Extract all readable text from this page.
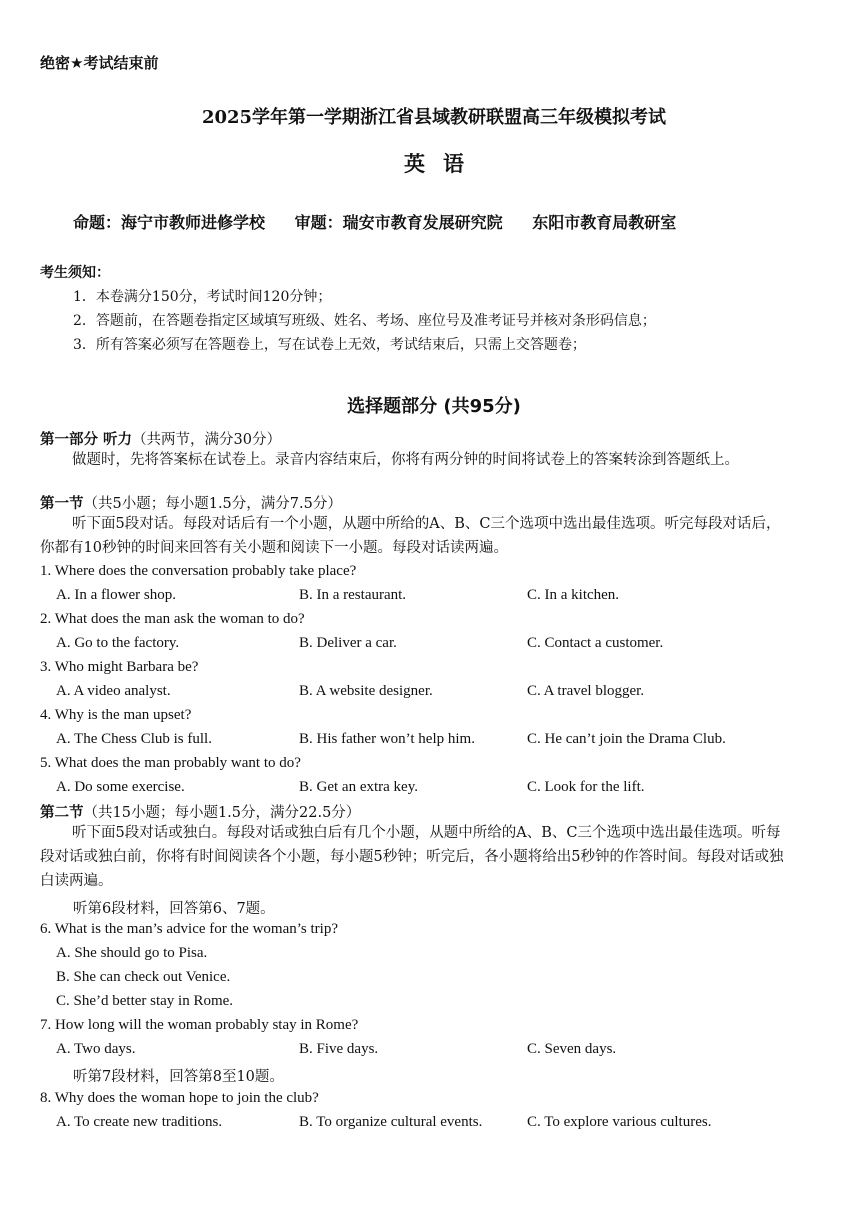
绝密★考试结束前
2025学年第一学期浙江省县域教研联盟高三年级模拟考试
英语
命题：海宁市教师进修学校 审题：瑞安市教育发展研究院 东阳市教育局教研室
考生须知：
1．本卷满分150分，考试时间120分钟；
2．答题前，在答题卷指定区域填写班级、姓名、考场、座位号及准考证号并核对条形码信息；
3．所有答案必须写在答题卷上，写在试卷上无效，考试结束后，只需上交答题卷；
选择题部分 (共95分)
第一部分 听力（共两节，满分30分）
做题时，先将答案标在试卷上。录音内容结束后，你将有两分钟的时间将试卷上的答案转涂到答题纸上。
第一节（共5小题；每小题1.5分，满分7.5分）
听下面5段对话。每段对话后有一个小题，从题中所给的A、B、C三个选项中选出最佳选项。听完每段对话后，你都有10秒钟的时间来回答有关小题和阅读下一小题。每段对话读两遍。
1. Where does the conversation probably take place?
A. In a flower shop.	B. In a restaurant.	C. In a kitchen.
2. What does the man ask the woman to do?
A. Go to the factory.	B. Deliver a car.	C. Contact a customer.
3. Who might Barbara be?
A. A video analyst.	B. A website designer.	C. A travel blogger.
4. Why is the man upset?
A. The Chess Club is full.	B. His father won’t help him.	C. He can’t join the Drama Club.
5. What does the man probably want to do?
A. Do some exercise.	B. Get an extra key.	C. Look for the lift.
第二节（共15小题；每小题1.5分，满分22.5分）
听下面5段对话或独白。每段对话或独白后有几个小题，从题中所给的A、B、C三个选项中选出最佳选项。听每段对话或独白前，你将有时间阅读各个小题，每小题5秒钟；听完后，各小题将给出5秒钟的作答时间。每段对话或独白读两遍。
听第6段材料，回答第6、7题。
6. What is the man’s advice for the woman’s trip?
A. She should go to Pisa.
B. She can check out Venice.
C. She’d better stay in Rome.
7. How long will the woman probably stay in Rome?
A. Two days.	B. Five days.	C. Seven days.
听第7段材料，回答第8至10题。
8. Why does the woman hope to join the club?
A. To create new traditions.	B. To organize cultural events.	C. To explore various cultures.
